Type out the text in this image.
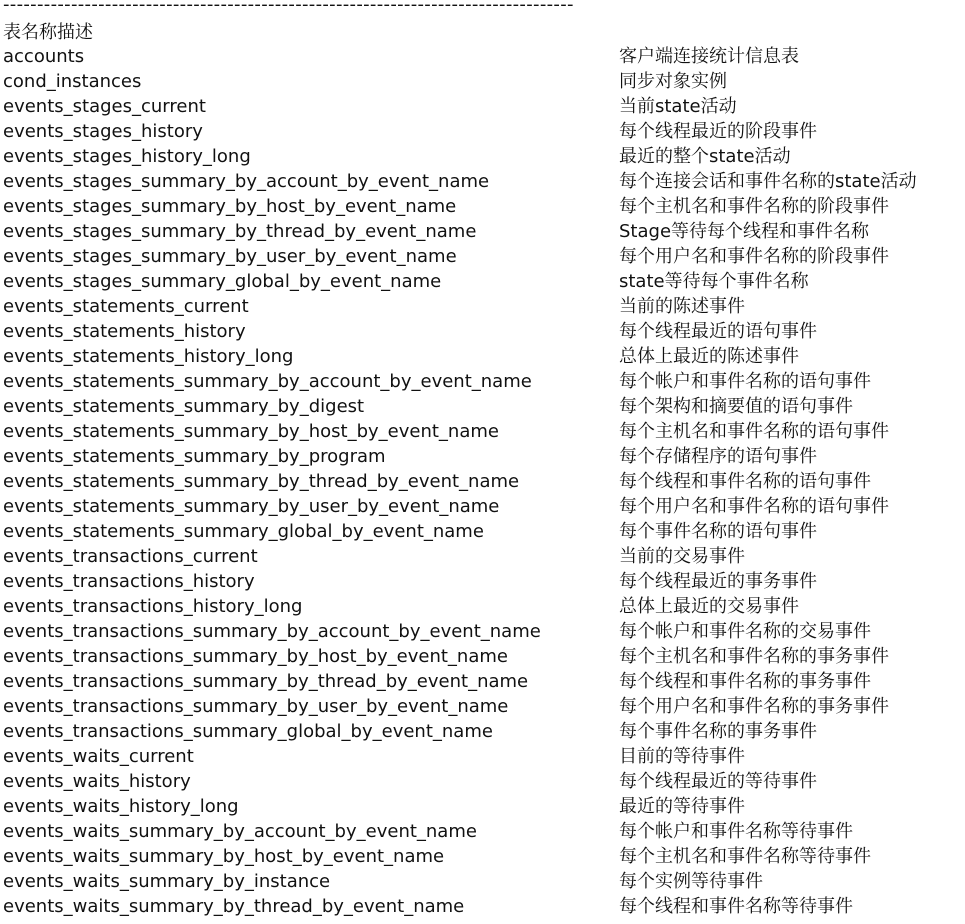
------------------------------------------------------------------------------------
表名称描述
accounts	客户端连接统计信息表
cond_instances	同步对象实例
events_stages_current	当前state活动
events_stages_history	每个线程最近的阶段事件
events_stages_history_long	最近的整个state活动
events_stages_summary_by_account_by_event_name	每个连接会话和事件名称的state活动
events_stages_summary_by_host_by_event_name	每个主机名和事件名称的阶段事件
events_stages_summary_by_thread_by_event_name	Stage等待每个线程和事件名称
events_stages_summary_by_user_by_event_name	每个用户名和事件名称的阶段事件
events_stages_summary_global_by_event_name	state等待每个事件名称
events_statements_current	当前的陈述事件
events_statements_history	每个线程最近的语句事件
events_statements_history_long	总体上最近的陈述事件
events_statements_summary_by_account_by_event_name	每个帐户和事件名称的语句事件
events_statements_summary_by_digest	每个架构和摘要值的语句事件
events_statements_summary_by_host_by_event_name	每个主机名和事件名称的语句事件
events_statements_summary_by_program	每个存储程序的语句事件
events_statements_summary_by_thread_by_event_name	每个线程和事件名称的语句事件
events_statements_summary_by_user_by_event_name	每个用户名和事件名称的语句事件
events_statements_summary_global_by_event_name	每个事件名称的语句事件
events_transactions_current	当前的交易事件
events_transactions_history	每个线程最近的事务事件
events_transactions_history_long	总体上最近的交易事件
events_transactions_summary_by_account_by_event_name	每个帐户和事件名称的交易事件
events_transactions_summary_by_host_by_event_name	每个主机名和事件名称的事务事件
events_transactions_summary_by_thread_by_event_name	每个线程和事件名称的事务事件
events_transactions_summary_by_user_by_event_name	每个用户名和事件名称的事务事件
events_transactions_summary_global_by_event_name	每个事件名称的事务事件
events_waits_current	目前的等待事件
events_waits_history	每个线程最近的等待事件
events_waits_history_long	最近的等待事件
events_waits_summary_by_account_by_event_name	每个帐户和事件名称等待事件
events_waits_summary_by_host_by_event_name	每个主机名和事件名称等待事件
events_waits_summary_by_instance	每个实例等待事件
events_waits_summary_by_thread_by_event_name	每个线程和事件名称等待事件
